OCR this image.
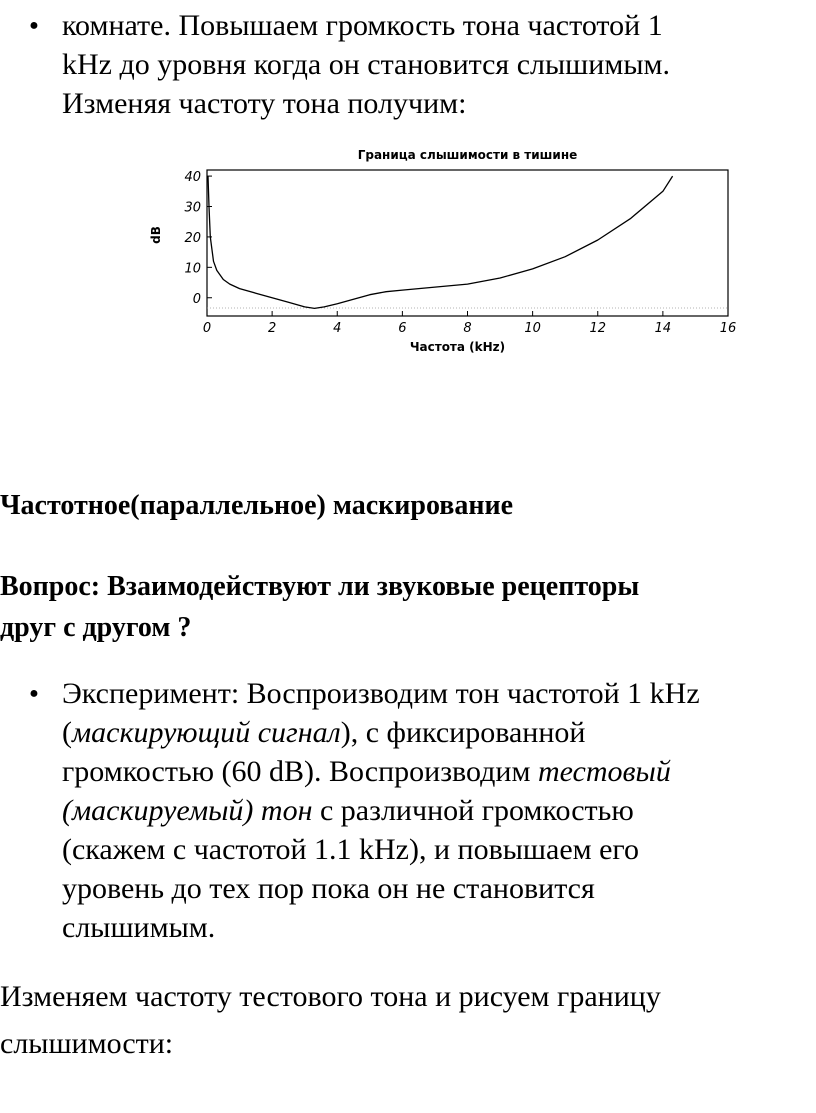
● комнате. Повышаем громкость тона частотой 1
kHz до уровня когда он становится слышимым.
Изменяя частоту тона получим:
Граница слышимости в тишине
0	2	4	6	8	10	12	14	16
0
10
20
30
40
Частота (kHz)
dB
Частотное(параллельное) маскирование
Вопрос: Взаимодействуют ли звуковые рецепторы
друг с другом ?
● Эксперимент: Воспроизводим тон частотой 1 kHz
(маскирующий сигнал), с фиксированной
громкостью (60 dB). Воспроизводим тестовый
(маскируемый) тон с различной громкостью
(скажем с частотой 1.1 kHz), и повышаем его
уровень до тех пор пока он не становится
слышимым.
Изменяем частоту тестового тона и рисуем границу
слышимости:
